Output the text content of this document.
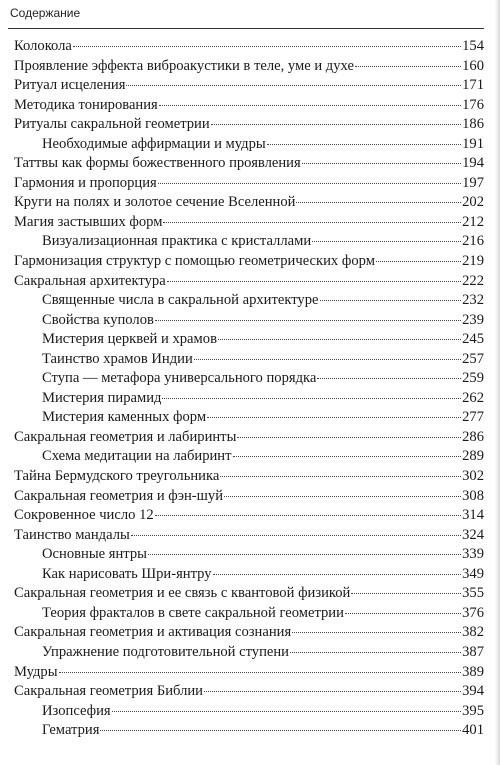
Содержание
Колокола	154
Проявление эффекта виброакустики в теле, уме и духе	160
Ритуал исцеления	171
Методика тонирования	176
Ритуалы сакральной геометрии	186
Необходимые аффирмации и мудры	191
Таттвы как формы божественного проявления	194
Гармония и пропорция	197
Круги на полях и золотое сечение Вселенной	202
Магия застывших форм	212
Визуализационная практика с кристаллами	216
Гармонизация структур с помощью геометрических форм	219
Сакральная архитектура	222
Священные числа в сакральной архитектуре	232
Свойства куполов	239
Мистерия церквей и храмов	245
Таинство храмов Индии	257
Ступа — метафора универсального порядка	259
Мистерия пирамид	262
Мистерия каменных форм	277
Сакральная геометрия и лабиринты	286
Схема медитации на лабиринт	289
Тайна Бермудского треугольника	302
Сакральная геометрия и фэн-шуй	308
Сокровенное число 12	314
Таинство мандалы	324
Основные янтры	339
Как нарисовать Шри-янтру	349
Сакральная геометрия и ее связь с квантовой физикой	355
Теория фракталов в свете сакральной геометрии	376
Сакральная геометрия и активация сознания	382
Упражнение подготовительной ступени	387
Мудры	389
Сакральная геометрия Библии	394
Изопсефия	395
Гематрия	401
